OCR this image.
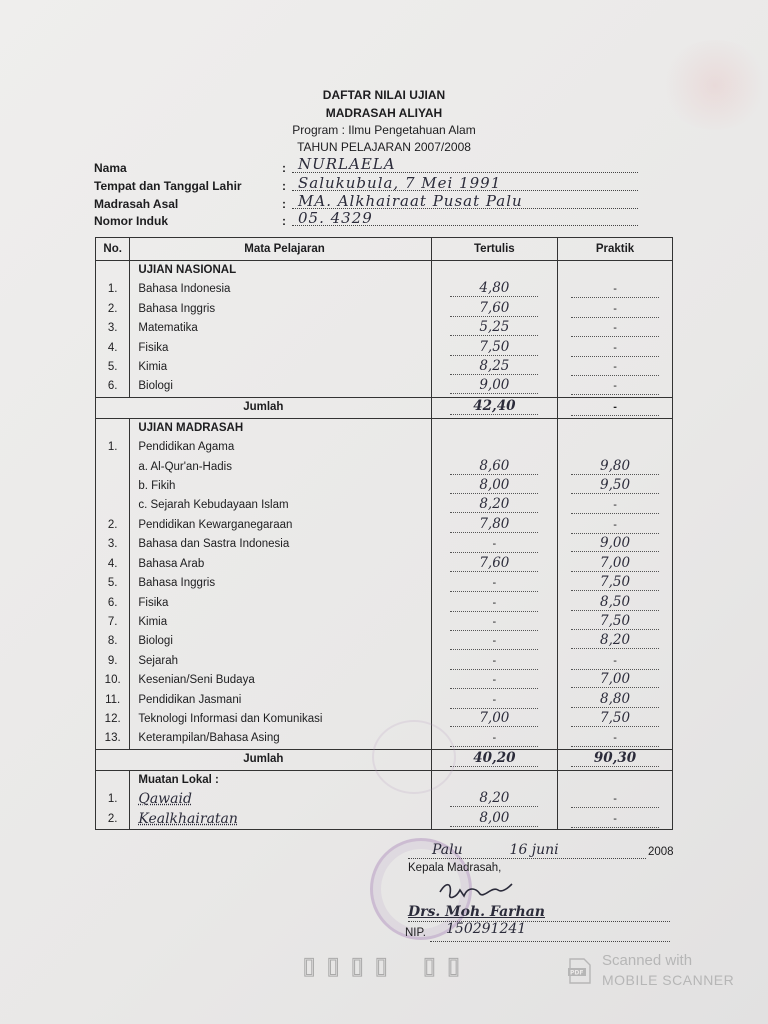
DAFTAR NILAI UJIAN
MADRASAH ALIYAH
Program : Ilmu Pengetahuan Alam
TAHUN PELAJARAN 2007/2008
Nama	: NURLAELA
Tempat dan Tanggal Lahir	: Salukubula, 7 Mei 1991
Madrasah Asal	: MA. Alkhairaat Pusat Palu
Nomor Induk	: 05. 4329
No.	Mata Pelajaran	Tertulis	Praktik
	UJIAN NASIONAL		
1.	Bahasa Indonesia	4,80	-
2.	Bahasa Inggris	7,60	-
3.	Matematika	5,25	-
4.	Fisika	7,50	-
5.	Kimia	8,25	-
6.	Biologi	9,00	-
Jumlah		42,40	-
	UJIAN MADRASAH		
1.	Pendidikan Agama		
	a. Al-Qur'an-Hadis	8,60	9,80
	b. Fikih	8,00	9,50
	c. Sejarah Kebudayaan Islam	8,20	-
2.	Pendidikan Kewarganegaraan	7,80	-
3.	Bahasa dan Sastra Indonesia	-	9,00
4.	Bahasa Arab	7,60	7,00
5.	Bahasa Inggris	-	7,50
6.	Fisika	-	8,50
7.	Kimia	-	7,50
8.	Biologi	-	8,20
9.	Sejarah	-	-
10.	Kesenian/Seni Budaya	-	7,00
11.	Pendidikan Jasmani	-	8,80
12.	Teknologi Informasi dan Komunikasi	7,00	7,50
13.	Keterampilan/Bahasa Asing	-	-
Jumlah		40,20	90,30
	Muatan Lokal :		
1.	Qawaid	8,20	-
2.	Kealkhairatan	8,00	-
Palu	16 juni	2008
Kepala Madrasah,
Drs. Moh. Farhan
NIP. 150291241
▯▯▯▯ ▯▯	PDF
Scanned with
MOBILE SCANNER
